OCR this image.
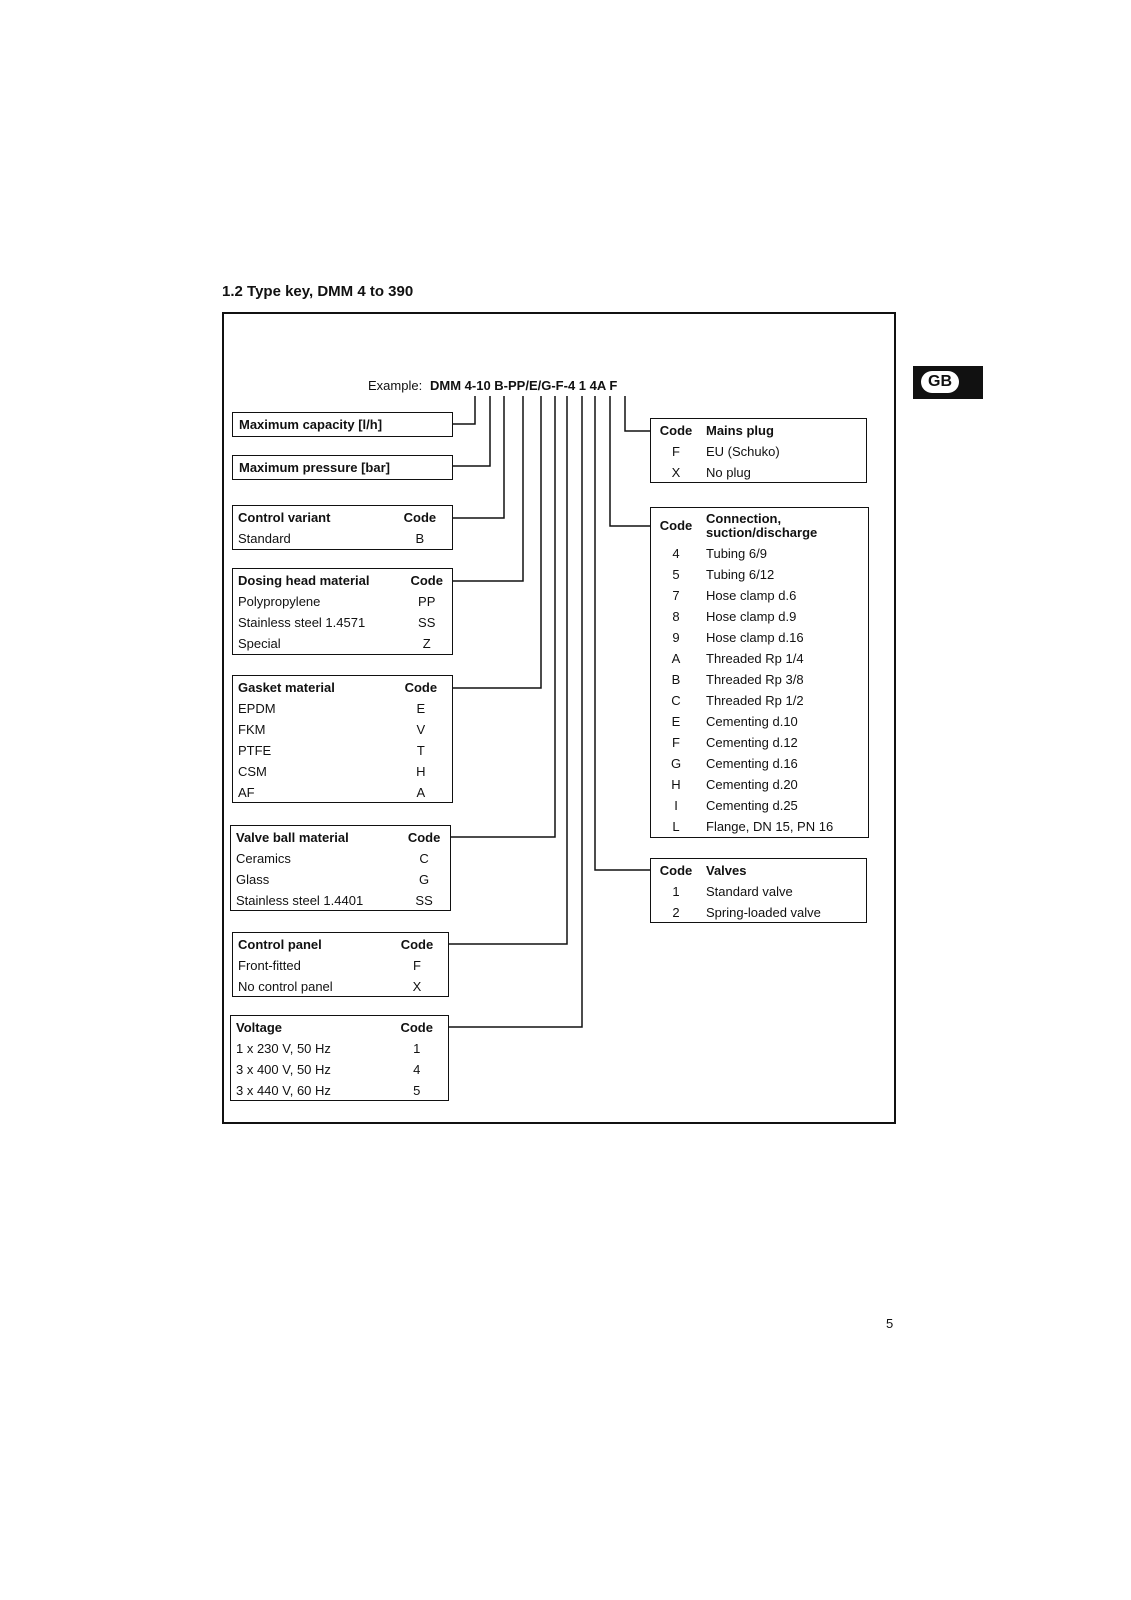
1.2 Type key, DMM 4 to 390
GB
Example: DMM 4-10 B-PP/E/G-F-4 1 4A F
Maximum capacity [l/h]
Maximum pressure [bar]
Control variant	Code
Standard	B
Dosing head material	Code
Polypropylene	PP
Stainless steel 1.4571	SS
Special	Z
Gasket material	Code
EPDM	E
FKM	V
PTFE	T
CSM	H
AF	A
Valve ball material	Code
Ceramics	C
Glass	G
Stainless steel 1.4401	SS
Control panel	Code
Front-fitted	F
No control panel	X
Voltage	Code
1 x 230 V, 50 Hz	1
3 x 400 V, 50 Hz	4
3 x 440 V, 60 Hz	5
Code	Mains plug
F	EU (Schuko)
X	No plug
Code	Connection,
suction/discharge

4	Tubing 6/9
5	Tubing 6/12
7	Hose clamp d.6
8	Hose clamp d.9
9	Hose clamp d.16
A	Threaded Rp 1/4
B	Threaded Rp 3/8
C	Threaded Rp 1/2
E	Cementing d.10
F	Cementing d.12
G	Cementing d.16
H	Cementing d.20
I	Cementing d.25
L	Flange, DN 15, PN 16
Code	Valves
1	Standard valve
2	Spring-loaded valve
5
